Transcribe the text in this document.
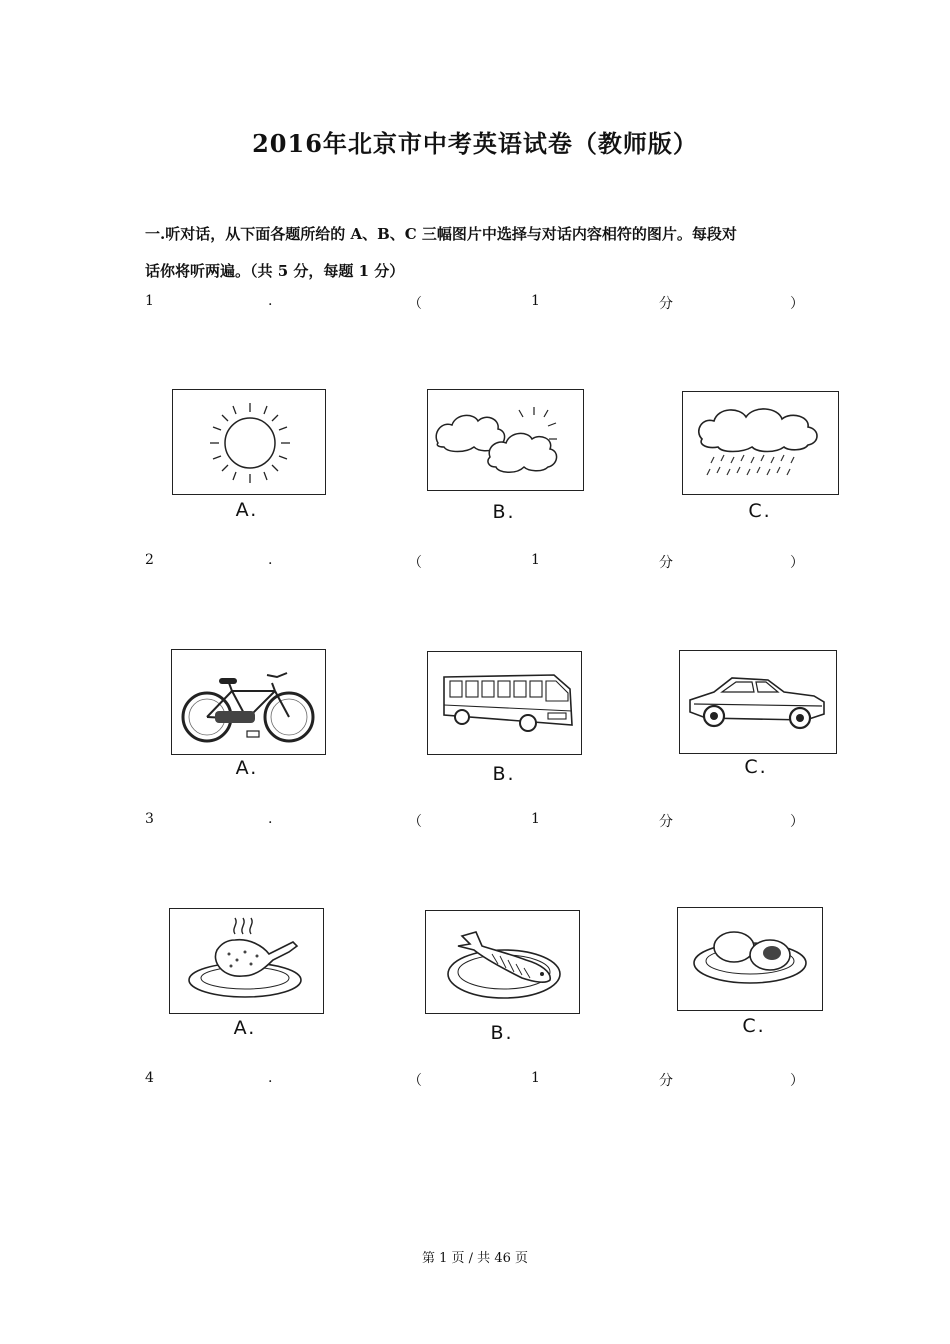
2016年北京市中考英语试卷（教师版）
一.听对话，从下面各题所给的 A、B、C 三幅图片中选择与对话内容相符的图片。每段对
话你将听两遍。（共 5 分，每题 1 分）
1	.	（	1	分	）
A.	B.	C.
2	.	（	1	分	）
A.	B.	C.
3	.	（	1	分	）
A.	B.	C.
4	.	（	1	分	）
第 1 页 / 共 46 页
